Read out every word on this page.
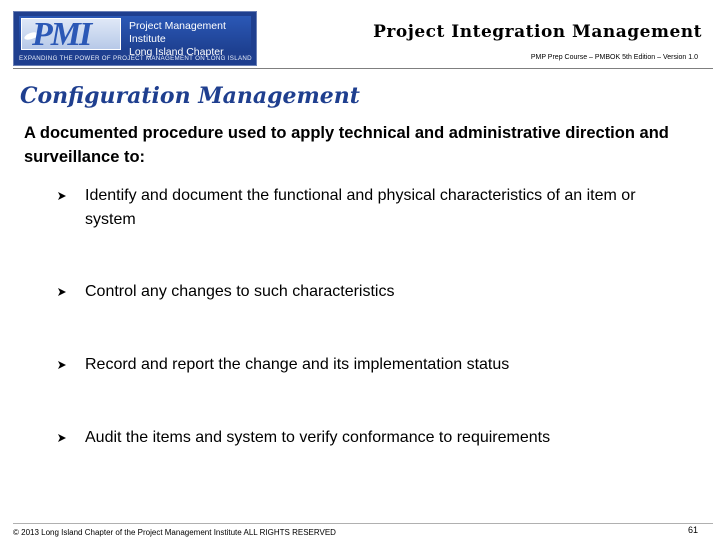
PMI	Project Management Institute
Long Island Chapter
EXPANDING THE POWER OF PROJECT MANAGEMENT ON LONG ISLAND
Project Integration Management
PMP Prep Course – PMBOK 5th Edition – Version 1.0
Configuration Management
A documented procedure used to apply technical and administrative direction and surveillance to:
Identify and document the functional and physical characteristics of an item or system
Control any changes to such characteristics
Record and report the change and its implementation status
Audit the items and system to verify conformance to requirements
© 2013 Long Island Chapter of the Project Management Institute ALL RIGHTS RESERVED	61
